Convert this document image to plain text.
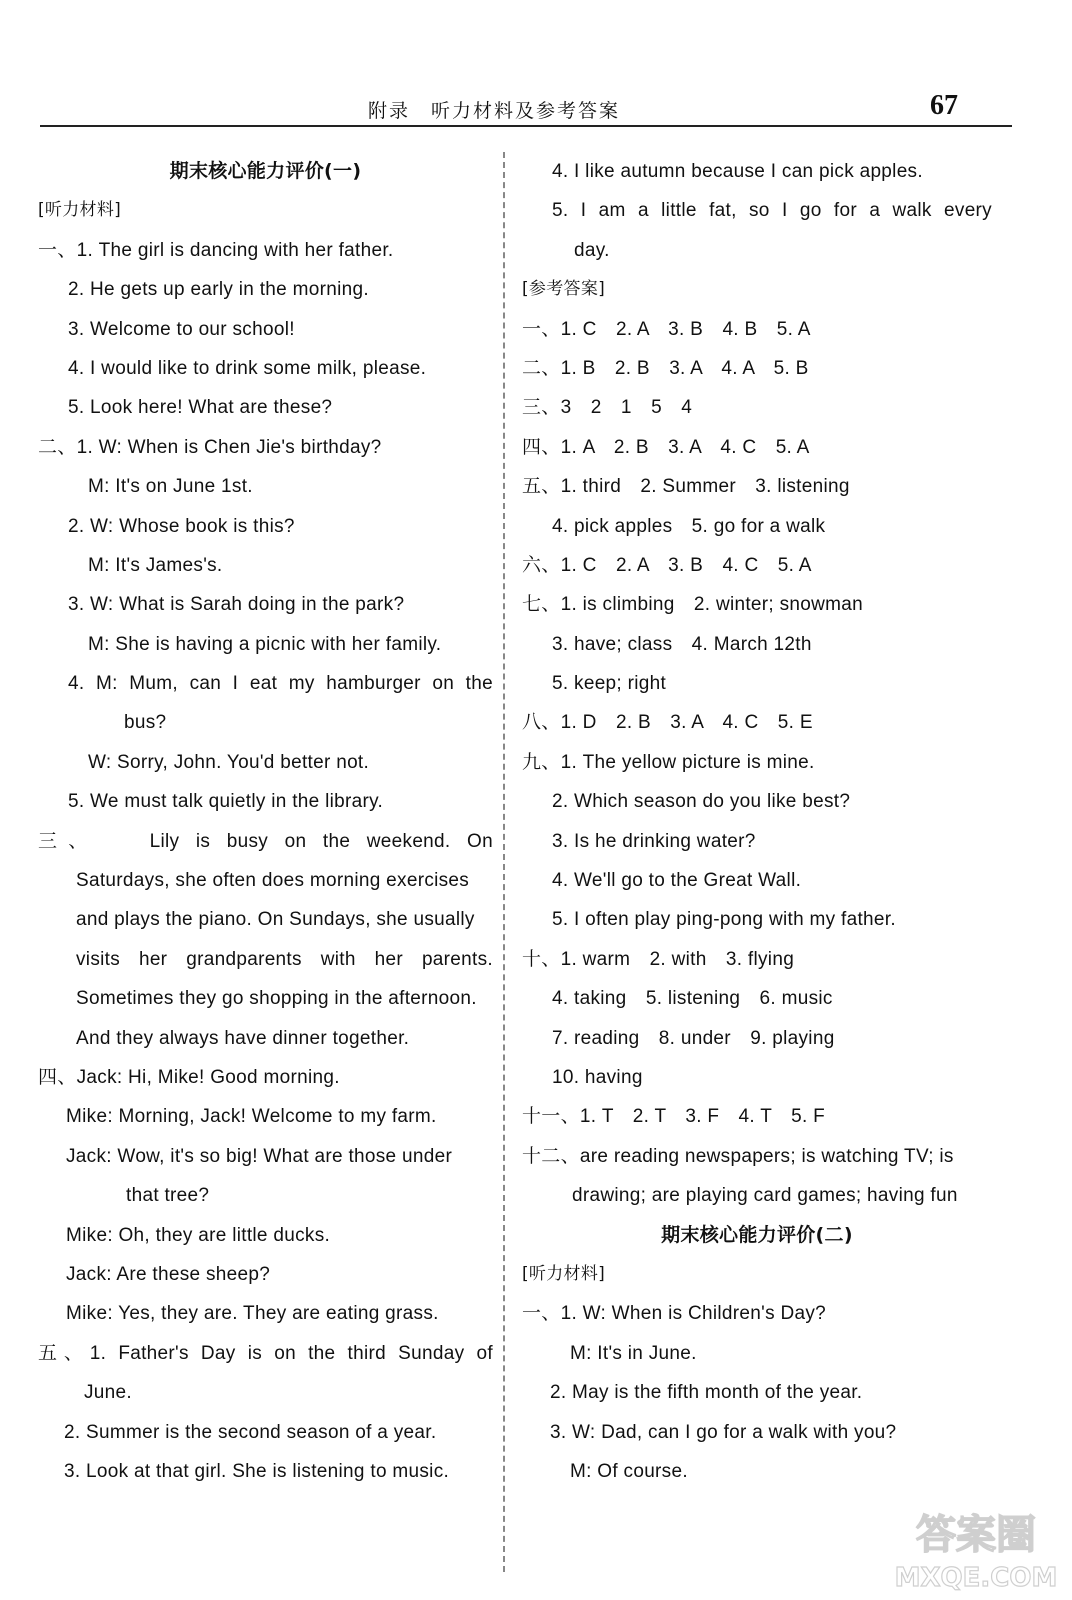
附录　听力材料及参考答案	67
期末核心能力评价(一)
[听力材料]
一、1. The girl is dancing with her father.
2. He gets up early in the morning.
3. Welcome to our school!
4. I would like to drink some milk, please.
5. Look here! What are these?
二、1. W: When is Chen Jie's birthday?
M: It's on June 1st.
2. W: Whose book is this?
M: It's James's.
3. W: What is Sarah doing in the park?
M: She is having a picnic with her family.
4. M: Mum, can I eat my hamburger on the
bus?
W: Sorry, John. You'd better not.
5. We must talk quietly in the library.
三、　　Lily is busy on the weekend. On
Saturdays, she often does morning exercises
and plays the piano. On Sundays, she usually
visits her grandparents with her parents.
Sometimes they go shopping in the afternoon.
And they always have dinner together.
四、Jack: Hi, Mike! Good morning.
Mike: Morning, Jack! Welcome to my farm.
Jack: Wow, it's so big! What are those under
that tree?
Mike: Oh, they are little ducks.
Jack: Are these sheep?
Mike: Yes, they are. They are eating grass.
五、1. Father's Day is on the third Sunday of
June.
2. Summer is the second season of a year.
3. Look at that girl. She is listening to music.
4. I like autumn because I can pick apples.
5. I am a little fat, so I go for a walk every
day.
[参考答案]
一、1. C　2. A　3. B　4. B　5. A
二、1. B　2. B　3. A　4. A　5. B
三、3　2　1　5　4
四、1. A　2. B　3. A　4. C　5. A
五、1. third　2. Summer　3. listening
4. pick apples　5. go for a walk
六、1. C　2. A　3. B　4. C　5. A
七、1. is climbing　2. winter; snowman
3. have; class　4. March 12th
5. keep; right
八、1. D　2. B　3. A　4. C　5. E
九、1. The yellow picture is mine.
2. Which season do you like best?
3. Is he drinking water?
4. We'll go to the Great Wall.
5. I often play ping-pong with my father.
十、1. warm　2. with　3. flying
4. taking　5. listening　6. music
7. reading　8. under　9. playing
10. having
十一、1. T　2. T　3. F　4. T　5. F
十二、are reading newspapers; is watching TV; is
drawing; are playing card games; having fun
期末核心能力评价(二)
[听力材料]
一、1. W: When is Children's Day?
M: It's in June.
2. May is the fifth month of the year.
3. W: Dad, can I go for a walk with you?
M: Of course.
答案圈
MXQE.COM
